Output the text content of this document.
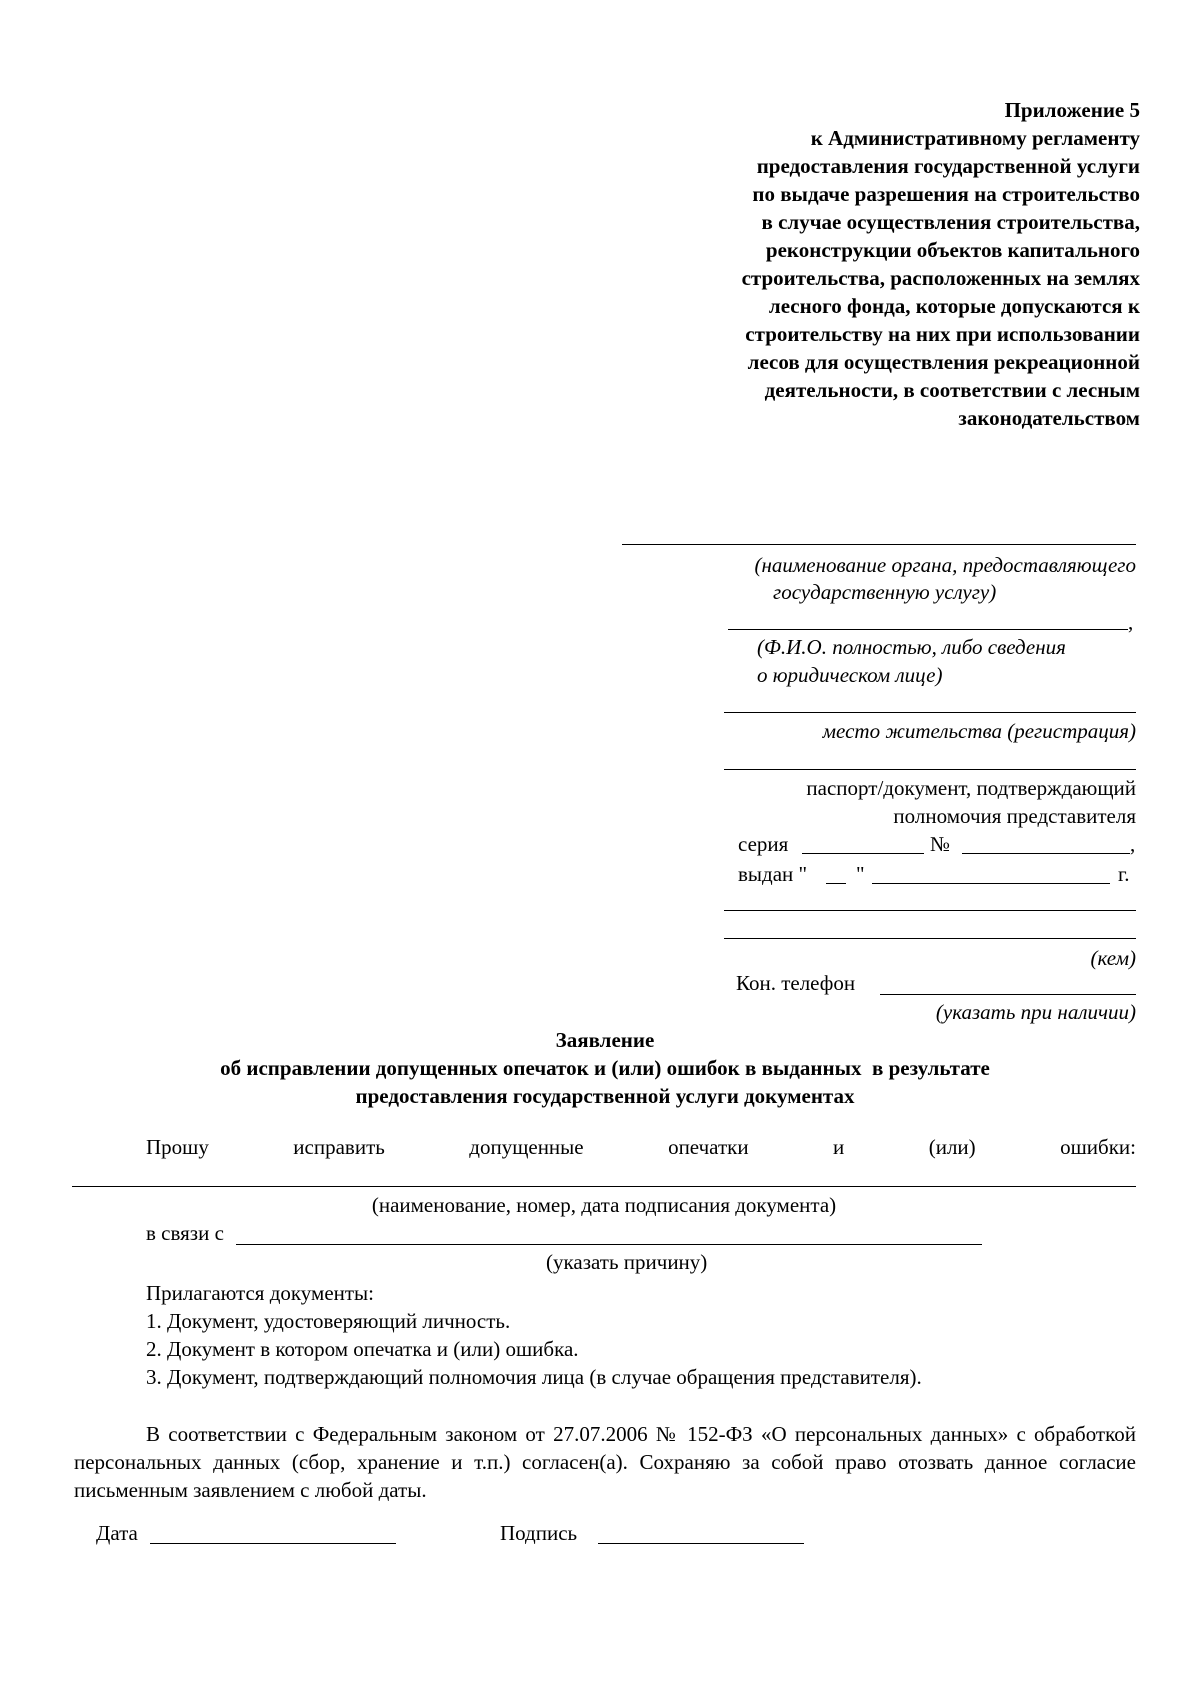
Приложение 5
к Административному регламенту
предоставления государственной услуги
по выдаче разрешения на строительство
в случае осуществления строительства,
реконструкции объектов капитального
строительства, расположенных на землях
лесного фонда, которые допускаются к
строительству на них при использовании
лесов для осуществления рекреационной
деятельности, в соответствии с лесным
законодательством
(наименование органа, предоставляющего
государственную услугу)
,
(Ф.И.О. полностью, либо сведения
о юридическом лице)
место жительства (регистрация)
паспорт/документ, подтверждающий
полномочия представителя
серия	№	,
выдан " "	г.
(кем)
Кон. телефон
(указать при наличии)
Заявление
об исправлении допущенных опечаток и (или) ошибок в выданных  в результате
предоставления государственной услуги документах
Прошу	исправить	допущенные	опечатки	и	(или)	ошибки:
(наименование, номер, дата подписания документа)
в связи с
(указать причину)
Прилагаются документы:
1. Документ, удостоверяющий личность.
2. Документ в котором опечатка и (или) ошибка.
3. Документ, подтверждающий полномочия лица (в случае обращения представителя).
В соответствии с Федеральным законом от 27.07.2006 № 152-ФЗ «О персональных данных» с обработкой персональных данных (сбор, хранение и т.п.) согласен(а). Сохраняю за собой право отозвать данное согласие письменным заявлением с любой даты.
Дата	Подпись
